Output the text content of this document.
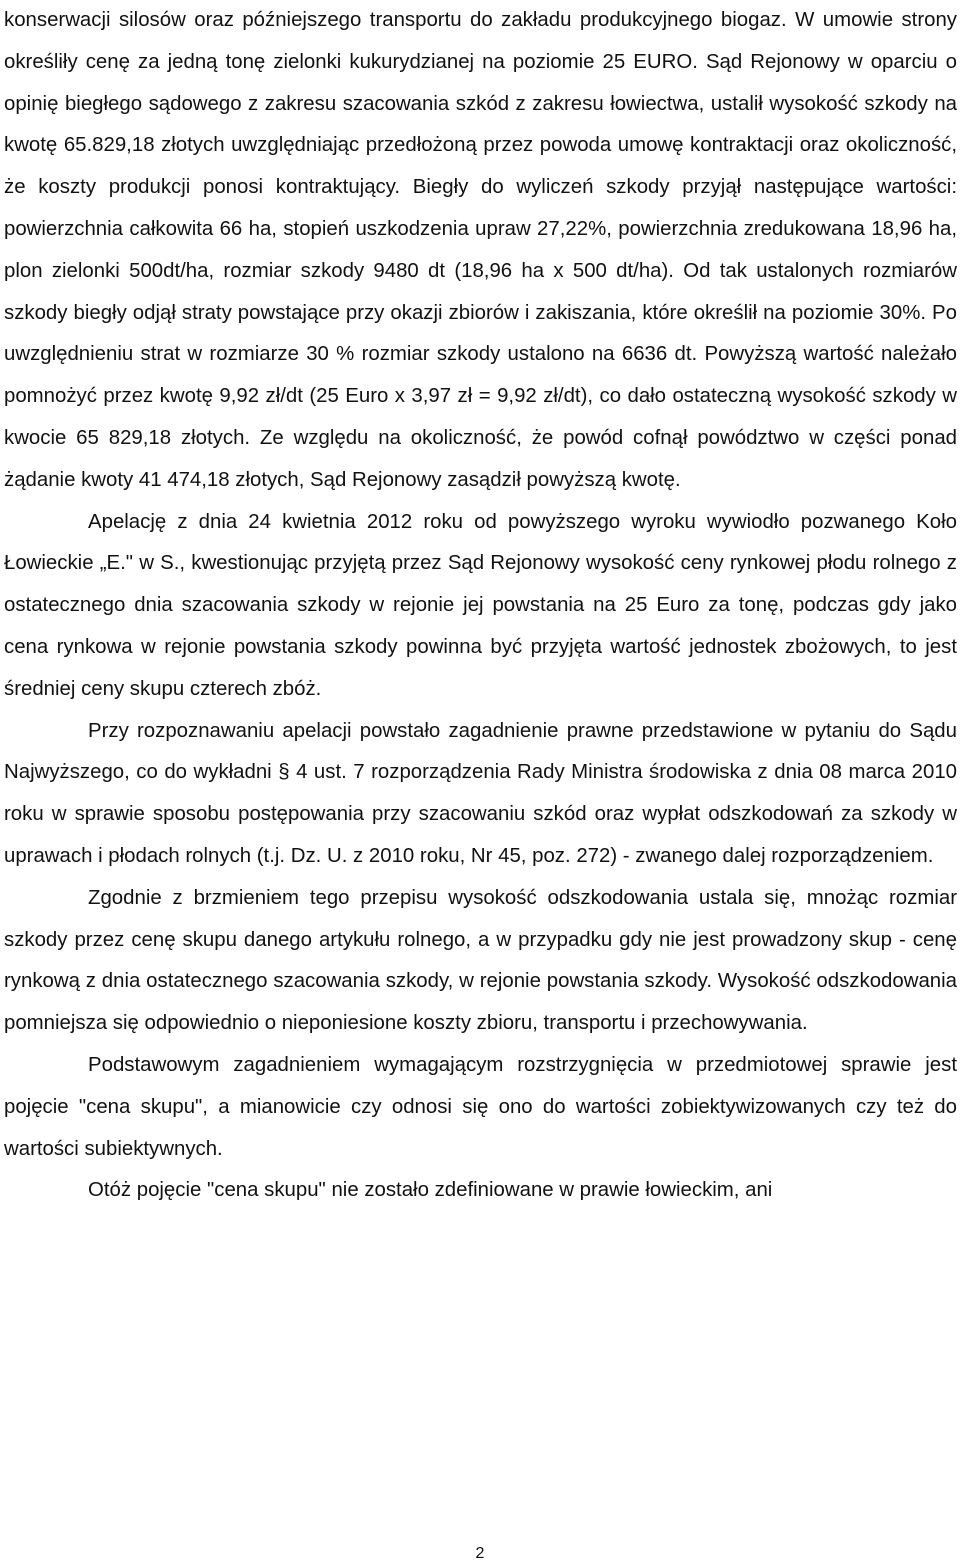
konserwacji silosów oraz późniejszego transportu do zakładu produkcyjnego biogaz. W umowie strony określiły cenę za jedną tonę zielonki kukurydzianej na poziomie 25 EURO. Sąd Rejonowy w oparciu o opinię biegłego sądowego z zakresu szacowania szkód z zakresu łowiectwa, ustalił wysokość szkody na kwotę 65.829,18 złotych uwzględniając przedłożoną przez powoda umowę kontraktacji oraz okoliczność, że koszty produkcji ponosi kontraktujący. Biegły do wyliczeń szkody przyjął następujące wartości: powierzchnia całkowita 66 ha, stopień uszkodzenia upraw 27,22%, powierzchnia zredukowana 18,96 ha, plon zielonki 500dt/ha, rozmiar szkody 9480 dt (18,96 ha x 500 dt/ha). Od tak ustalonych rozmiarów szkody biegły odjął straty powstające przy okazji zbiorów i zakiszania, które określił na poziomie 30%. Po uwzględnieniu strat w rozmiarze 30 % rozmiar szkody ustalono na 6636 dt. Powyższą wartość należało pomnożyć przez kwotę 9,92 zł/dt (25 Euro x 3,97 zł = 9,92 zł/dt), co dało ostateczną wysokość szkody w kwocie 65 829,18 złotych. Ze względu na okoliczność, że powód cofnął powództwo w części ponad żądanie kwoty 41 474,18 złotych, Sąd Rejonowy zasądził powyższą kwotę.

Apelację z dnia 24 kwietnia 2012 roku od powyższego wyroku wywiodło pozwanego Koło Łowieckie „E." w S., kwestionując przyjętą przez Sąd Rejonowy wysokość ceny rynkowej płodu rolnego z ostatecznego dnia szacowania szkody w rejonie jej powstania na 25 Euro za tonę, podczas gdy jako cena rynkowa w rejonie powstania szkody powinna być przyjęta wartość jednostek zbożowych, to jest średniej ceny skupu czterech zbóż.

Przy rozpoznawaniu apelacji powstało zagadnienie prawne przedstawione w pytaniu do Sądu Najwyższego, co do wykładni § 4 ust. 7 rozporządzenia Rady Ministra środowiska z dnia 08 marca 2010 roku w sprawie sposobu postępowania przy szacowaniu szkód oraz wypłat odszkodowań za szkody w uprawach i płodach rolnych (t.j. Dz. U. z 2010 roku, Nr 45, poz. 272) - zwanego dalej rozporządzeniem.

Zgodnie z brzmieniem tego przepisu wysokość odszkodowania ustala się, mnożąc rozmiar szkody przez cenę skupu danego artykułu rolnego, a w przypadku gdy nie jest prowadzony skup - cenę rynkową z dnia ostatecznego szacowania szkody, w rejonie powstania szkody. Wysokość odszkodowania pomniejsza się odpowiednio o nieponiesione koszty zbioru, transportu i przechowywania.

Podstawowym zagadnieniem wymagającym rozstrzygnięcia w przedmiotowej sprawie jest pojęcie "cena skupu", a mianowicie czy odnosi się ono do wartości zobiektywizowanych czy też do wartości subiektywnych.

Otóż pojęcie "cena skupu" nie zostało zdefiniowane w prawie łowieckim, ani

2
